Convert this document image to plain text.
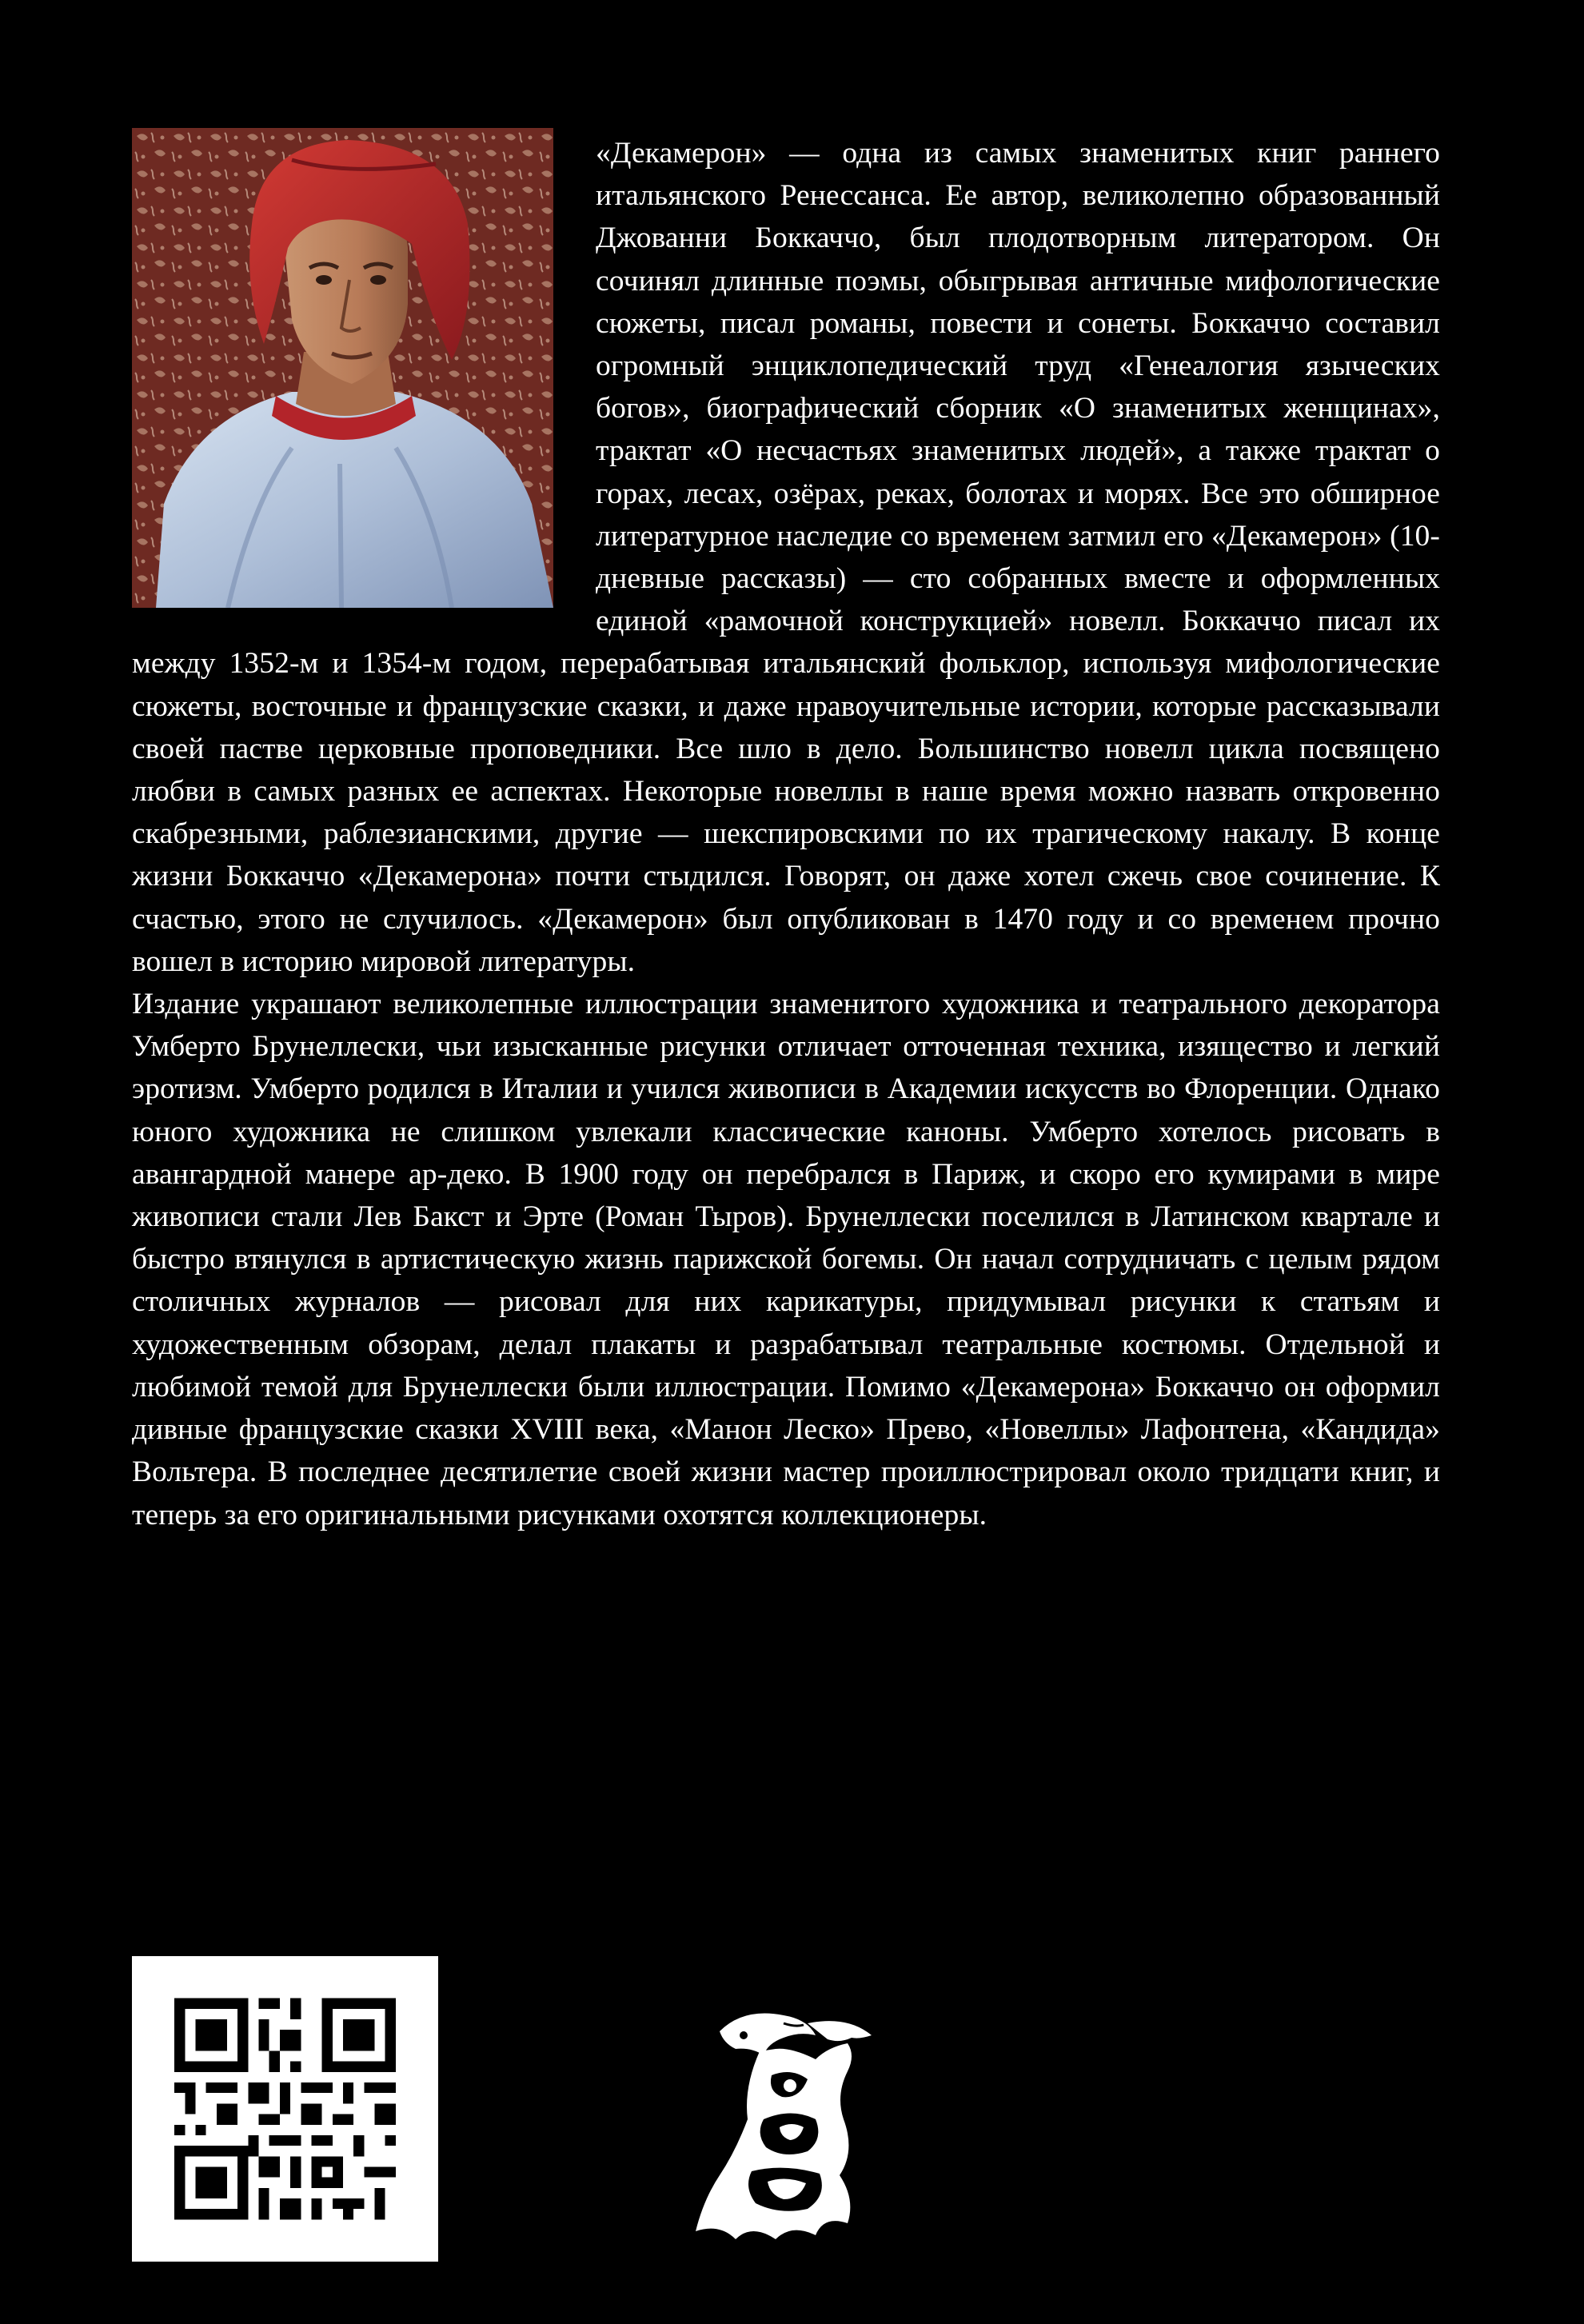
«Декамерон» — одна из самых знаменитых книг раннего итальянского Ренессанса. Ее автор, великолепно образованный Джованни Боккаччо, был плодотворным литератором. Он сочинял длинные поэмы, обыгрывая античные мифологические сюжеты, писал романы, повести и сонеты. Боккаччо составил огромный энциклопедический труд «Генеалогия языческих богов», биографический сборник «О знаменитых женщинах», трактат «О несчастьях знаменитых людей», а также трактат о горах, лесах, озёрах, реках, болотах и морях. Все это обширное литературное наследие со временем затмил его «Декамерон» (10-дневные рассказы) — сто собранных вместе и оформленных единой «рамочной конструкцией» новелл. Боккаччо писал их между 1352-м и 1354-м годом, перерабатывая итальянский фольклор, используя мифологические сюжеты, восточные и французские сказки, и даже нравоучительные истории, которые рассказывали своей пастве церковные проповедники. Все шло в дело. Большинство новелл цикла посвящено любви в самых разных ее аспектах. Некоторые новеллы в наше время можно назвать откровенно скабрезными, раблезианскими, другие — шекспировскими по их трагическому накалу. В конце жизни Боккаччо «Декамерона» почти стыдился. Говорят, он даже хотел сжечь свое сочинение. К счастью, этого не случилось. «Декамерон» был опубликован в 1470 году и со временем прочно вошел в историю мировой литературы.

Издание украшают великолепные иллюстрации знаменитого художника и театрального декоратора Умберто Брунеллески, чьи изысканные рисунки отличает отточенная техника, изящество и легкий эротизм. Умберто родился в Италии и учился живописи в Академии искусств во Флоренции. Однако юного художника не слишком увлекали классические каноны. Умберто хотелось рисовать в авангардной манере ар-деко. В 1900 году он перебрался в Париж, и скоро его кумирами в мире живописи стали Лев Бакст и Эрте (Роман Тыров). Брунеллески поселился в Латинском квартале и быстро втянулся в артистическую жизнь парижской богемы. Он начал сотрудничать с целым рядом столичных журналов — рисовал для них карикатуры, придумывал рисунки к статьям и художественным обзорам, делал плакаты и разрабатывал театральные костюмы. Отдельной и любимой темой для Брунеллески были иллюстрации. Помимо «Декамерона» Боккаччо он оформил дивные французские сказки XVIII века, «Манон Леско» Прево, «Новеллы» Лафонтена, «Кандида» Вольтера. В последнее десятилетие своей жизни мастер проиллюстрировал около тридцати книг, и теперь за его оригинальными рисунками охотятся коллекционеры.
